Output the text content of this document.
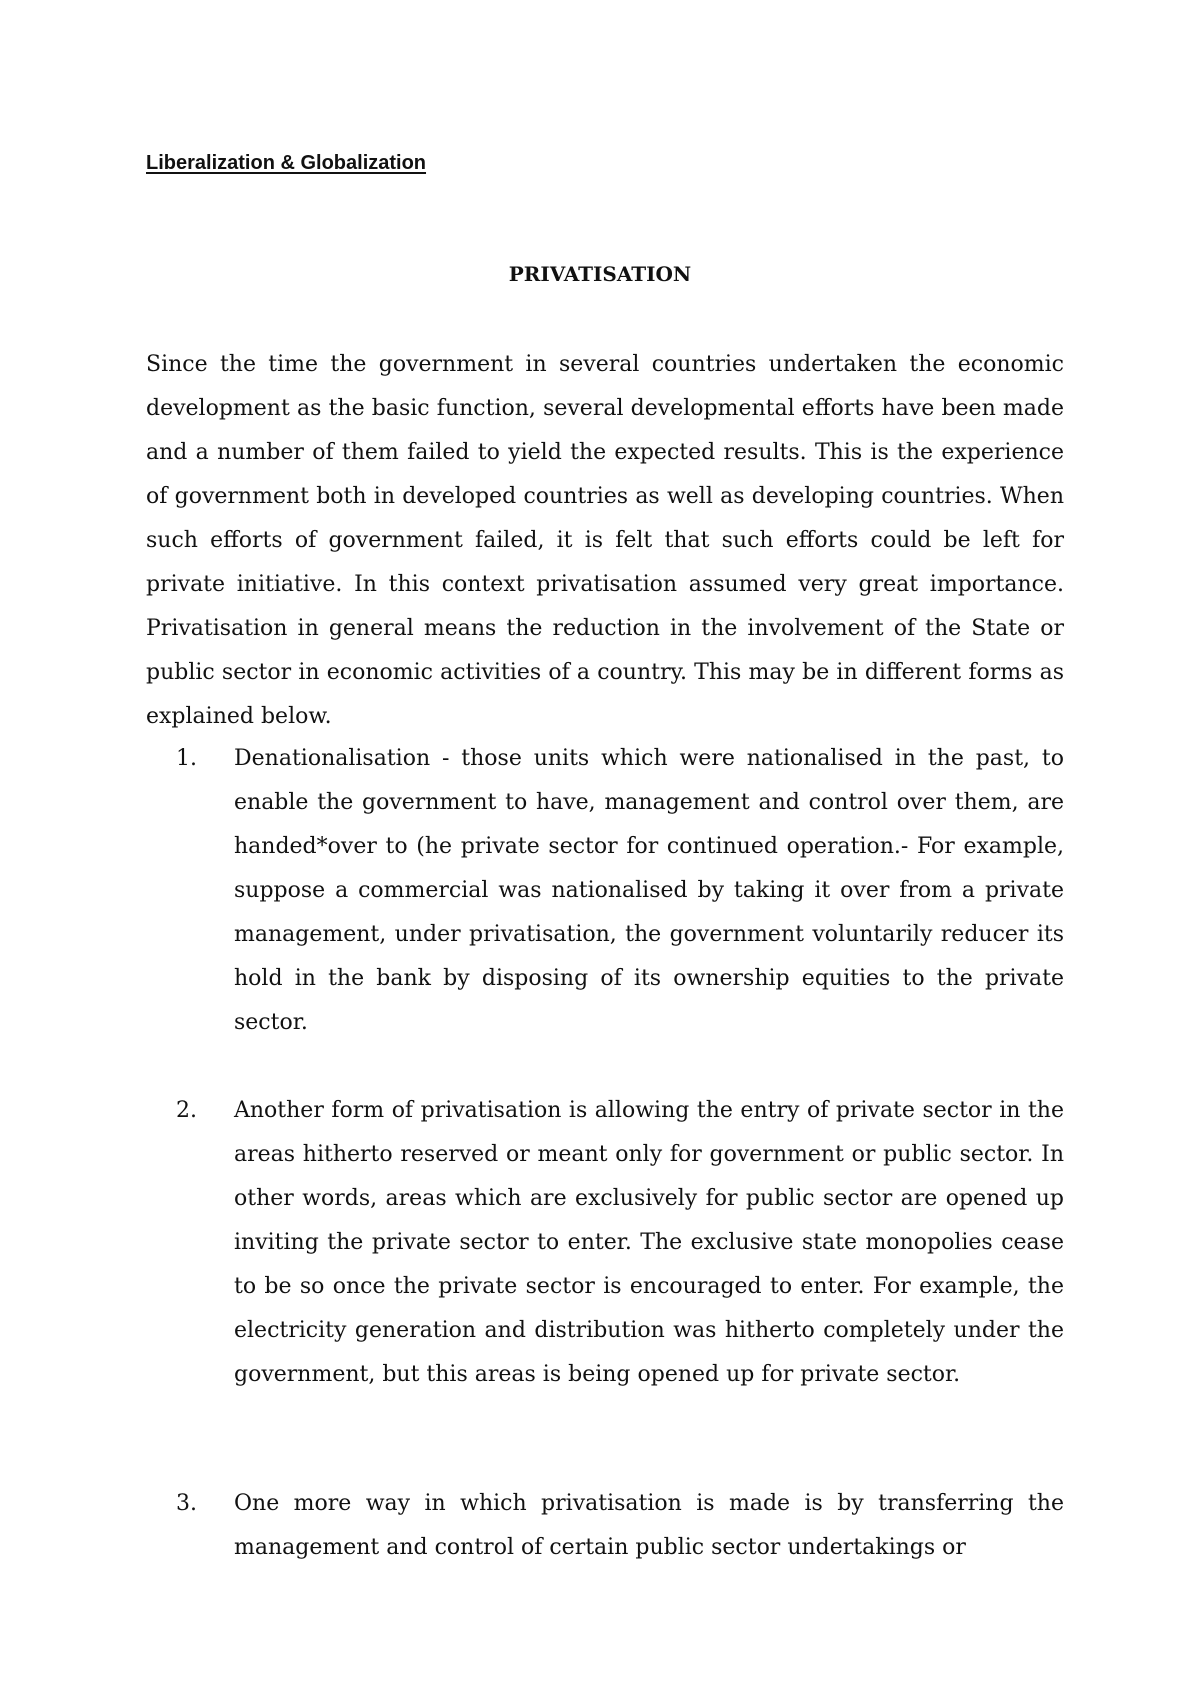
Liberalization & Globalization
PRIVATISATION

Since the time the government in several countries undertaken the economic development as the basic function, several developmental efforts have been made and a number of them failed to yield the expected results. This is the experience of government both in developed countries as well as developing countries. When such efforts of government failed, it is felt that such efforts could be left for private initiative. In this context privatisation assumed very great importance. Privatisation in general means the reduction in the involvement of the State or public sector in economic activities of a country. This may be in different forms as explained below.

1.	Denationalisation - those units which were nationalised in the past, to enable the government to have, management and control over them, are handed*over to (he private sector for continued operation.- For example, suppose a commercial was nationalised by taking it over from a private management, under privatisation, the government voluntarily reducer its hold in the bank by disposing of its ownership equities to the private sector.

2.	Another form of privatisation is allowing the entry of private sector in the areas hitherto reserved or meant only for government or public sector. In other words, areas which are exclusively for public sector are opened up inviting the private sector to enter. The exclusive state monopolies cease to be so once the private sector is encouraged to enter. For example, the electricity generation and distribution was hitherto completely under the government, but this areas is being opened up for private sector.

3.	One more way in which privatisation is made is by transferring the management and control of certain public sector undertakings or
